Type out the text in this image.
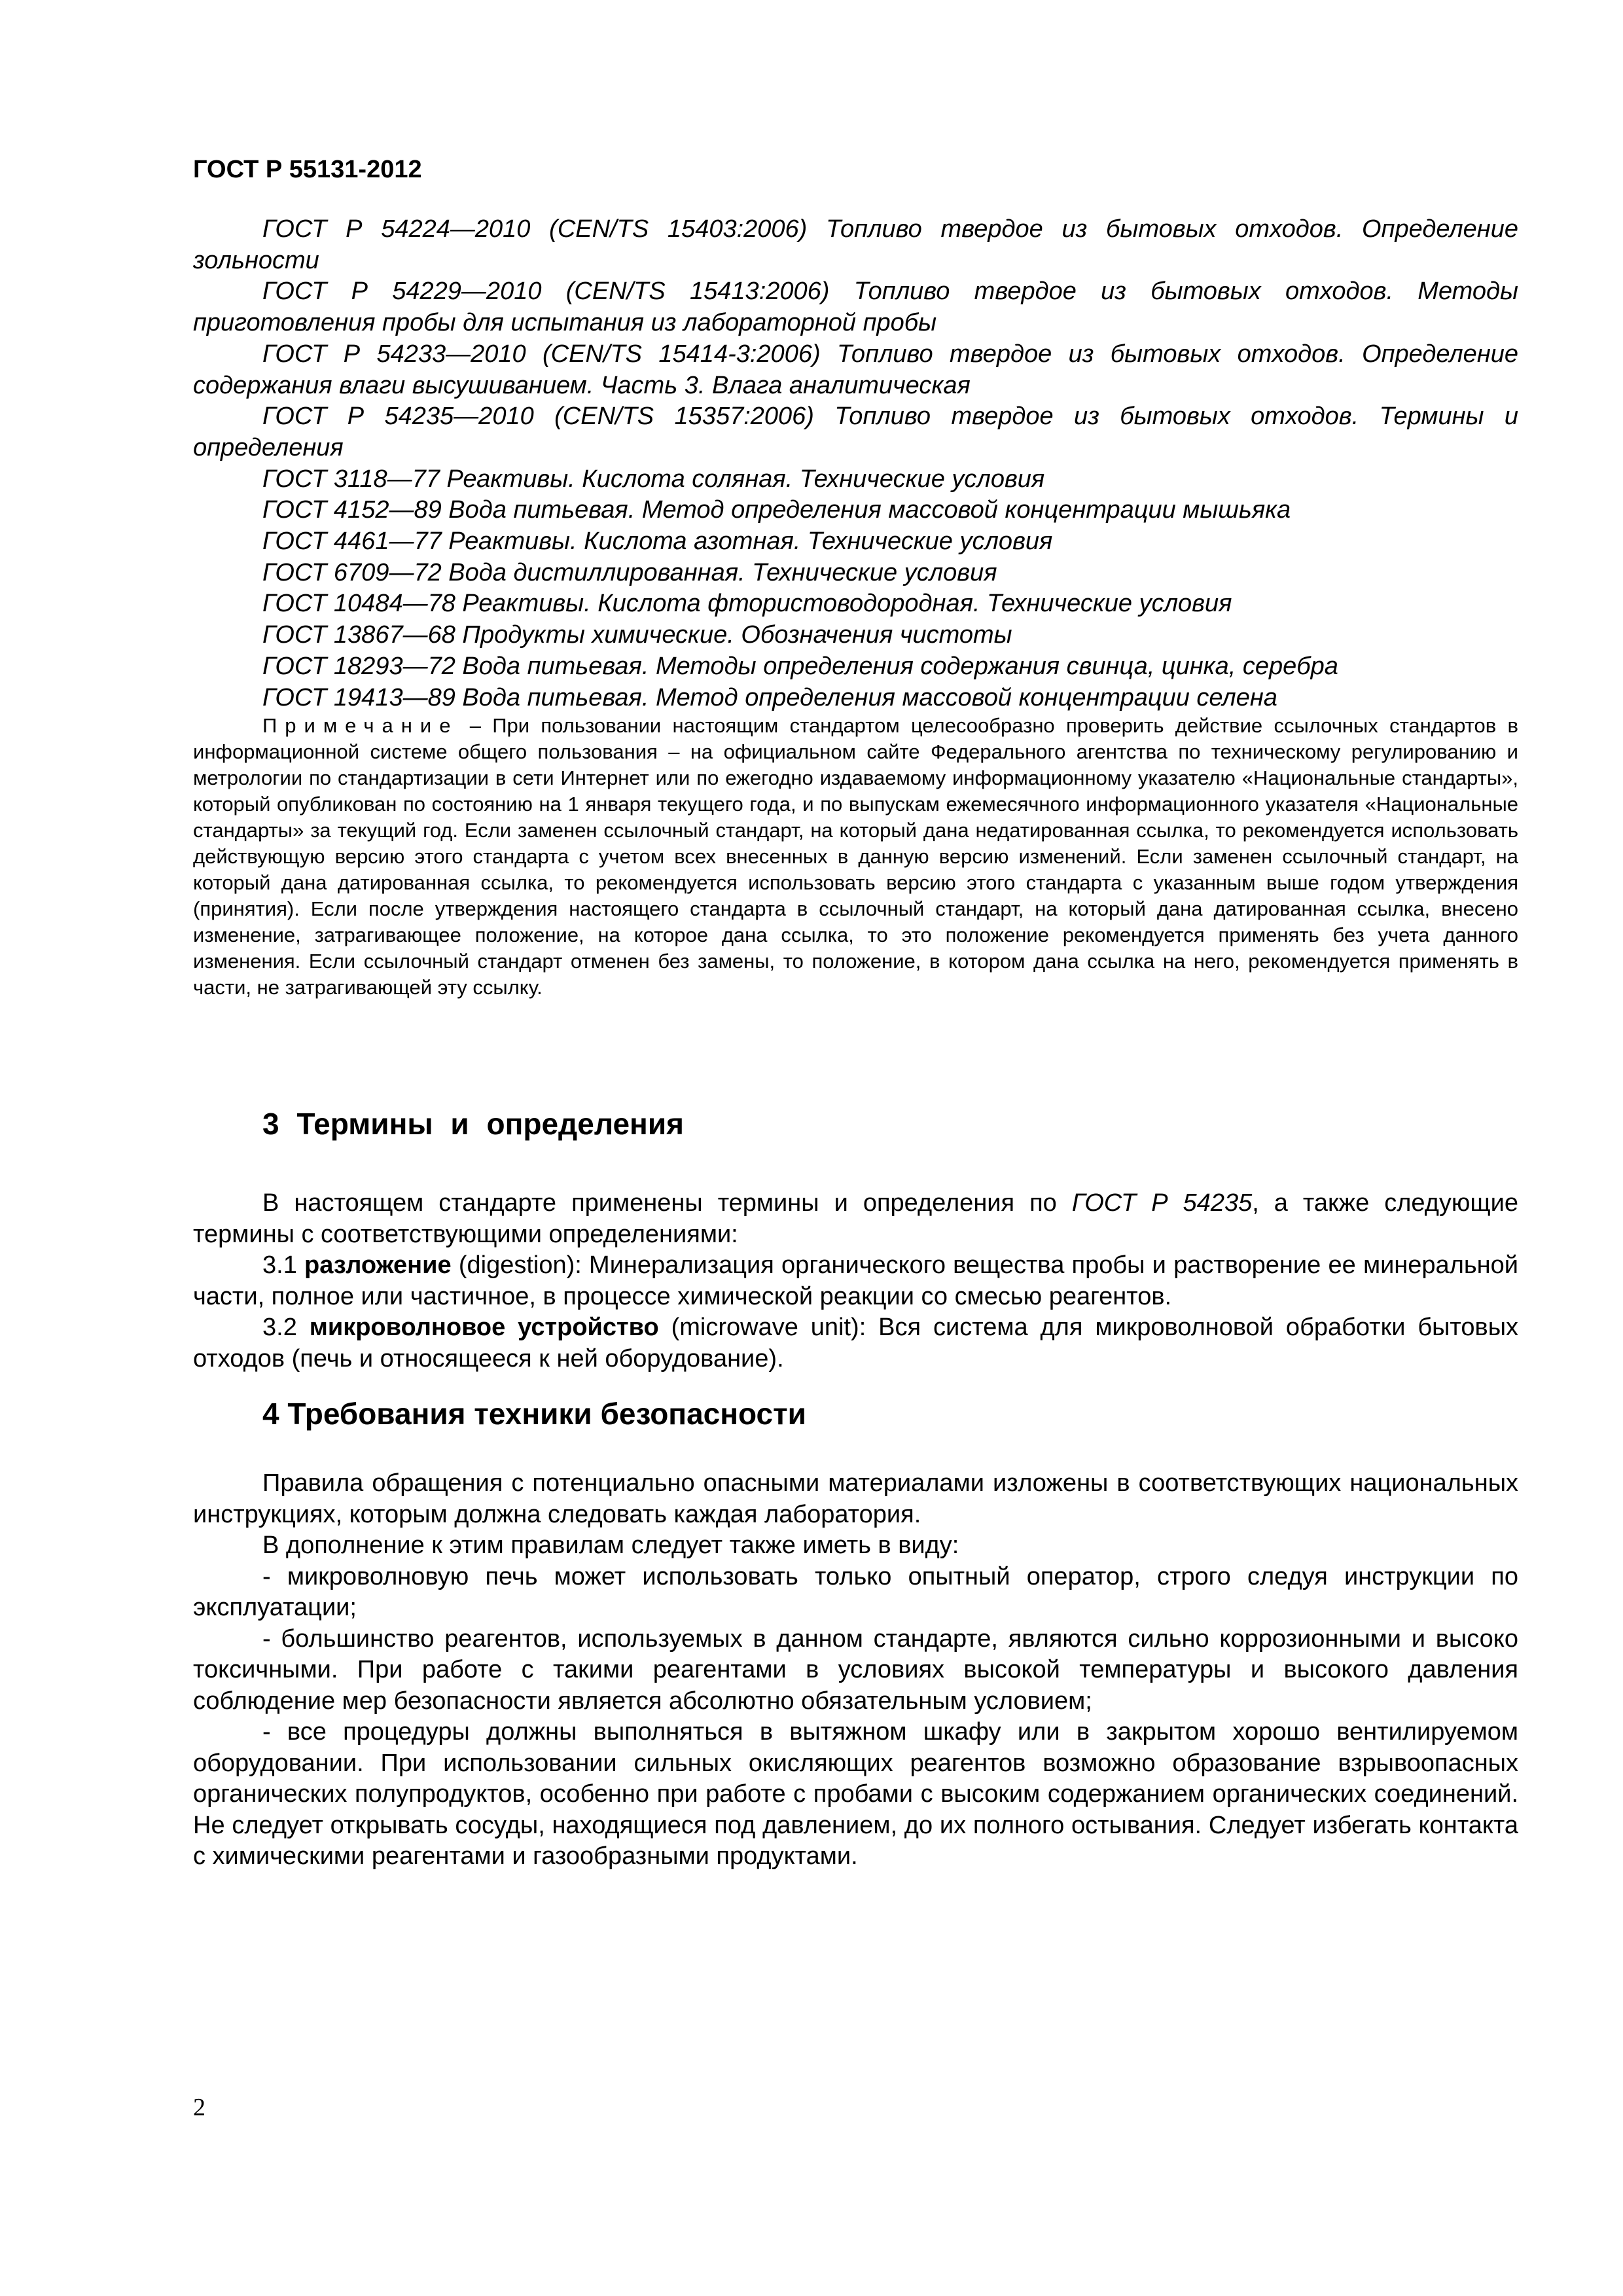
ГОСТ Р 55131-2012

ГОСТ Р 54224—2010 (CEN/TS 15403:2006) Топливо твердое из бытовых отходов. Определение зольности

ГОСТ Р 54229—2010 (CEN/TS 15413:2006) Топливо твердое из бытовых отходов. Методы приготовления пробы для испытания из лабораторной пробы

ГОСТ Р 54233—2010 (CEN/TS 15414-3:2006) Топливо твердое из бытовых отходов. Определение содержания влаги высушиванием. Часть 3. Влага аналитическая

ГОСТ Р 54235—2010 (CEN/TS 15357:2006) Топливо твердое из бытовых отходов. Термины и определения

ГОСТ 3118—77 Реактивы. Кислота соляная. Технические условия

ГОСТ 4152—89 Вода питьевая. Метод определения массовой концентрации мышьяка

ГОСТ 4461—77 Реактивы. Кислота азотная. Технические условия

ГОСТ 6709—72 Вода дистиллированная. Технические условия

ГОСТ 10484—78 Реактивы. Кислота фтористоводородная. Технические условия

ГОСТ 13867—68 Продукты химические. Обозначения чистоты

ГОСТ 18293—72 Вода питьевая. Методы определения содержания свинца, цинка, серебра

ГОСТ 19413—89 Вода питьевая. Метод определения массовой концентрации селена

Примечание – При пользовании настоящим стандартом целесообразно проверить действие ссылочных стандартов в информационной системе общего пользования – на официальном сайте Федерального агентства по техническому регулированию и метрологии по стандартизации в сети Интернет или по ежегодно издаваемому информационному указателю «Национальные стандарты», который опубликован по состоянию на 1 января текущего года, и по выпускам ежемесячного информационного указателя «Национальные стандарты» за текущий год. Если заменен ссылочный стандарт, на который дана недатированная ссылка, то рекомендуется использовать действующую версию этого стандарта с учетом всех внесенных в данную версию изменений. Если заменен ссылочный стандарт, на который дана датированная ссылка, то рекомендуется использовать версию этого стандарта с указанным выше годом утверждения (принятия). Если после утверждения настоящего стандарта в ссылочный стандарт, на который дана датированная ссылка, внесено изменение, затрагивающее положение, на которое дана ссылка, то это положение рекомендуется применять без учета данного изменения. Если ссылочный стандарт отменен без замены, то положение, в котором дана ссылка на него, рекомендуется применять в части, не затрагивающей эту ссылку.

3 Термины и определения

В настоящем стандарте применены термины и определения по ГОСТ Р 54235, а также следующие термины с соответствующими определениями:

3.1 разложение (digestion): Минерализация органического вещества пробы и растворение ее минеральной части, полное или частичное, в процессе химической реакции со смесью реагентов.

3.2 микроволновое устройство (microwave unit): Вся система для микроволновой обработки бытовых отходов (печь и относящееся к ней оборудование).

4 Требования техники безопасности

Правила обращения с потенциально опасными материалами изложены в соответствующих национальных инструкциях, которым должна следовать каждая лаборатория.

В дополнение к этим правилам следует также иметь в виду:

- микроволновую печь может использовать только опытный оператор, строго следуя инструкции по эксплуатации;

- большинство реагентов, используемых в данном стандарте, являются сильно коррозионными и высоко токсичными. При работе с такими реагентами в условиях высокой температуры и высокого давления соблюдение мер безопасности является абсолютно обязательным условием;

- все процедуры должны выполняться в вытяжном шкафу или в закрытом хорошо вентилируемом оборудовании. При использовании сильных окисляющих реагентов возможно образование взрывоопасных органических полупродуктов, особенно при работе с пробами с высоким содержанием органических соединений. Не следует открывать сосуды, находящиеся под давлением, до их полного остывания. Следует избегать контакта с химическими реагентами и газообразными продуктами.

2
